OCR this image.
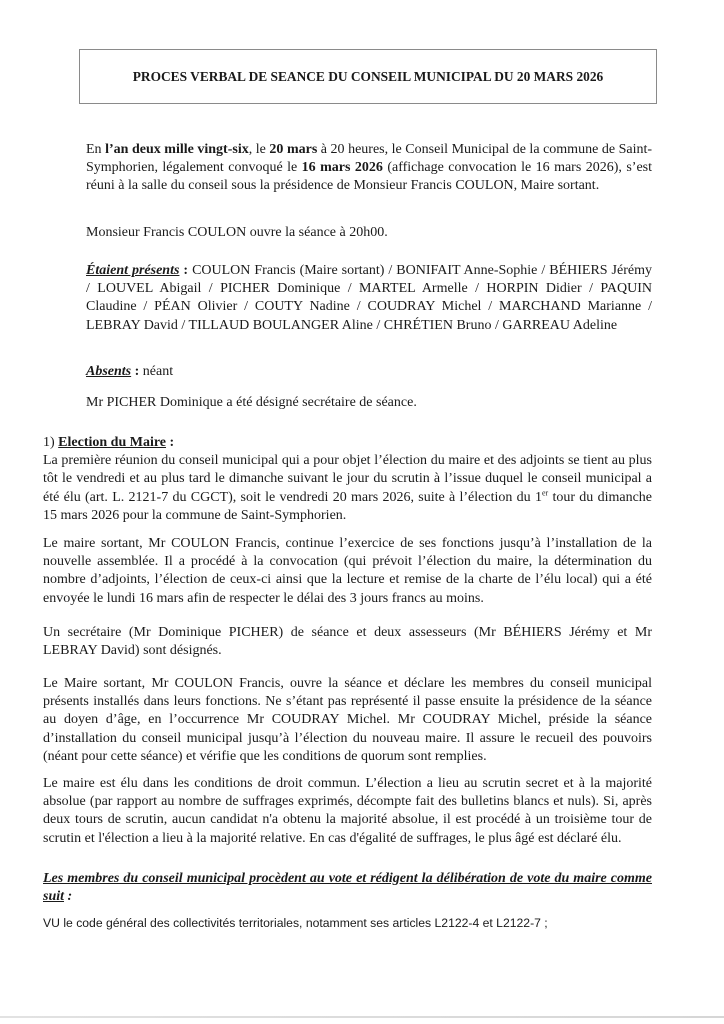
PROCES VERBAL DE SEANCE DU CONSEIL MUNICIPAL DU 20 MARS 2026

En l’an deux mille vingt-six, le 20 mars à 20 heures, le Conseil Municipal de la commune de Saint-Symphorien, légalement convoqué le 16 mars 2026 (affichage convocation le 16 mars 2026), s’est réuni à la salle du conseil sous la présidence de Monsieur Francis COULON, Maire sortant.

Monsieur Francis COULON ouvre la séance à 20h00.

Étaient présents : COULON Francis (Maire sortant) / BONIFAIT Anne-Sophie / BÉHIERS Jérémy / LOUVEL Abigail / PICHER Dominique / MARTEL Armelle / HORPIN Didier / PAQUIN Claudine / PÉAN Olivier / COUTY Nadine / COUDRAY Michel / MARCHAND Marianne / LEBRAY David / TILLAUD BOULANGER Aline / CHRÉTIEN Bruno / GARREAU Adeline

Absents : néant

Mr PICHER Dominique a été désigné secrétaire de séance.

1) Election du Maire :

La première réunion du conseil municipal qui a pour objet l’élection du maire et des adjoints se tient au plus tôt le vendredi et au plus tard le dimanche suivant le jour du scrutin à l’issue duquel le conseil municipal a été élu (art. L. 2121-7 du CGCT), soit le vendredi 20 mars 2026, suite à l’élection du 1er tour du dimanche 15 mars 2026 pour la commune de Saint-Symphorien.

Le maire sortant, Mr COULON Francis, continue l’exercice de ses fonctions jusqu’à l’installation de la nouvelle assemblée. Il a procédé à la convocation (qui prévoit l’élection du maire, la détermination du nombre d’adjoints, l’élection de ceux-ci ainsi que la lecture et remise de la charte de l’élu local) qui a été envoyée le lundi 16 mars afin de respecter le délai des 3 jours francs au moins.

Un secrétaire (Mr Dominique PICHER) de séance et deux assesseurs (Mr BÉHIERS Jérémy et Mr LEBRAY David) sont désignés.

Le Maire sortant, Mr COULON Francis, ouvre la séance et déclare les membres du conseil municipal présents installés dans leurs fonctions. Ne s’étant pas représenté il passe ensuite la présidence de la séance au doyen d’âge, en l’occurrence Mr COUDRAY Michel. Mr COUDRAY Michel, préside la séance d’installation du conseil municipal jusqu’à l’élection du nouveau maire. Il assure le recueil des pouvoirs (néant pour cette séance) et vérifie que les conditions de quorum sont remplies.

Le maire est élu dans les conditions de droit commun. L’élection a lieu au scrutin secret et à la majorité absolue (par rapport au nombre de suffrages exprimés, décompte fait des bulletins blancs et nuls). Si, après deux tours de scrutin, aucun candidat n'a obtenu la majorité absolue, il est procédé à un troisième tour de scrutin et l'élection a lieu à la majorité relative. En cas d'égalité de suffrages, le plus âgé est déclaré élu.

Les membres du conseil municipal procèdent au vote et rédigent la délibération de vote du maire comme suit :

VU le code général des collectivités territoriales, notamment ses articles L2122-4 et L2122-7 ;
